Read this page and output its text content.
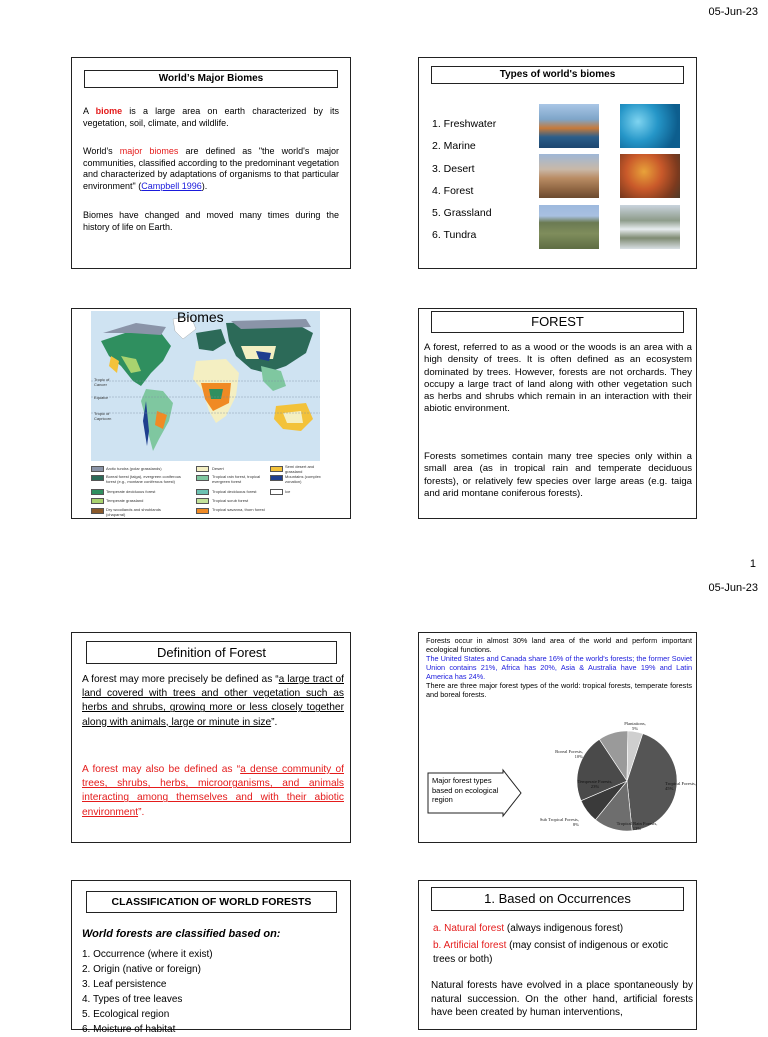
05-Jun-23
1
05-Jun-23
World’s Major Biomes
A biome is a large area on earth characterized by its vegetation, soil, climate, and wildlife.
World’s major biomes are defined as "the world's major communities, classified according to the predominant vegetation and characterized by adaptations of organisms to that particular environment" (Campbell 1996).
Biomes have changed and moved many times during the history of life on Earth.
Types of world's biomes
1. Freshwater
2. Marine
3. Desert
4. Forest
5. Grassland
6. Tundra
Biomes
Tropic of Cancer
Equator
Tropic of Capricorn
Arctic tundra (polar grasslands)
Boreal forest (taiga), evergreen coniferous forest (e.g., montane coniferous forest)
Temperate deciduous forest
Temperate grassland
Dry woodlands and shrublands (chaparral)
Desert
Tropical rain forest, tropical evergreen forest
Tropical deciduous forest
Tropical scrub forest
Tropical savanna, thorn forest
Semi desert and grassland
Mountains (complex zonation)
Ice
FOREST
A forest, referred to as a wood or the woods is an area with a high density of trees. It is often defined as an ecosystem dominated by trees. However, forests are not orchards. They occupy a large tract of land along with other vegetation such as herbs and shrubs which remain in an interaction with their abiotic environment.
Forests sometimes contain many tree species only within a small area (as in tropical rain and temperate deciduous forests), or relatively few species over large areas (e.g. taiga and arid montane coniferous forests).
Definition of Forest
A forest may more precisely be defined as “a large tract of land covered with trees and other vegetation such as herbs and shrubs, growing more or less closely together along with animals, large or minute in size”.
A forest may also be defined as “a dense community of trees, shrubs, herbs, microorganisms, and animals interacting among themselves and with their abiotic environment”.
Forests occur in almost 30% land area of the world and perform important ecological functions.
The United States and Canada share 16% of the world's forests; the former Soviet Union contains 21%, Africa has 20%, Asia & Australia have 19% and Latin America has 24%.
There are three major forest types of the world: tropical forests, temperate forests and boreal forests.
Major forest types based on ecological region
Tropical Forests, 45%
Tropical Rain Forests, 13%
Sub Tropical Forests, 8%
Temperate Forests, 23%
Boreal Forests, 10%
Plantations, 5%
CLASSIFICATION OF WORLD FORESTS
World forests are classified based on:
1. Occurrence (where it exist)
2. Origin (native or foreign)
3. Leaf persistence
4. Types of tree leaves
5. Ecological region
6. Moisture of habitat
1. Based on Occurrences
a. Natural forest (always indigenous forest)
b. Artificial forest (may consist of indigenous or exotic trees or both)
Natural forests have evolved in a place spontaneously by natural succession. On the other hand, artificial forests have been created by human interventions,
